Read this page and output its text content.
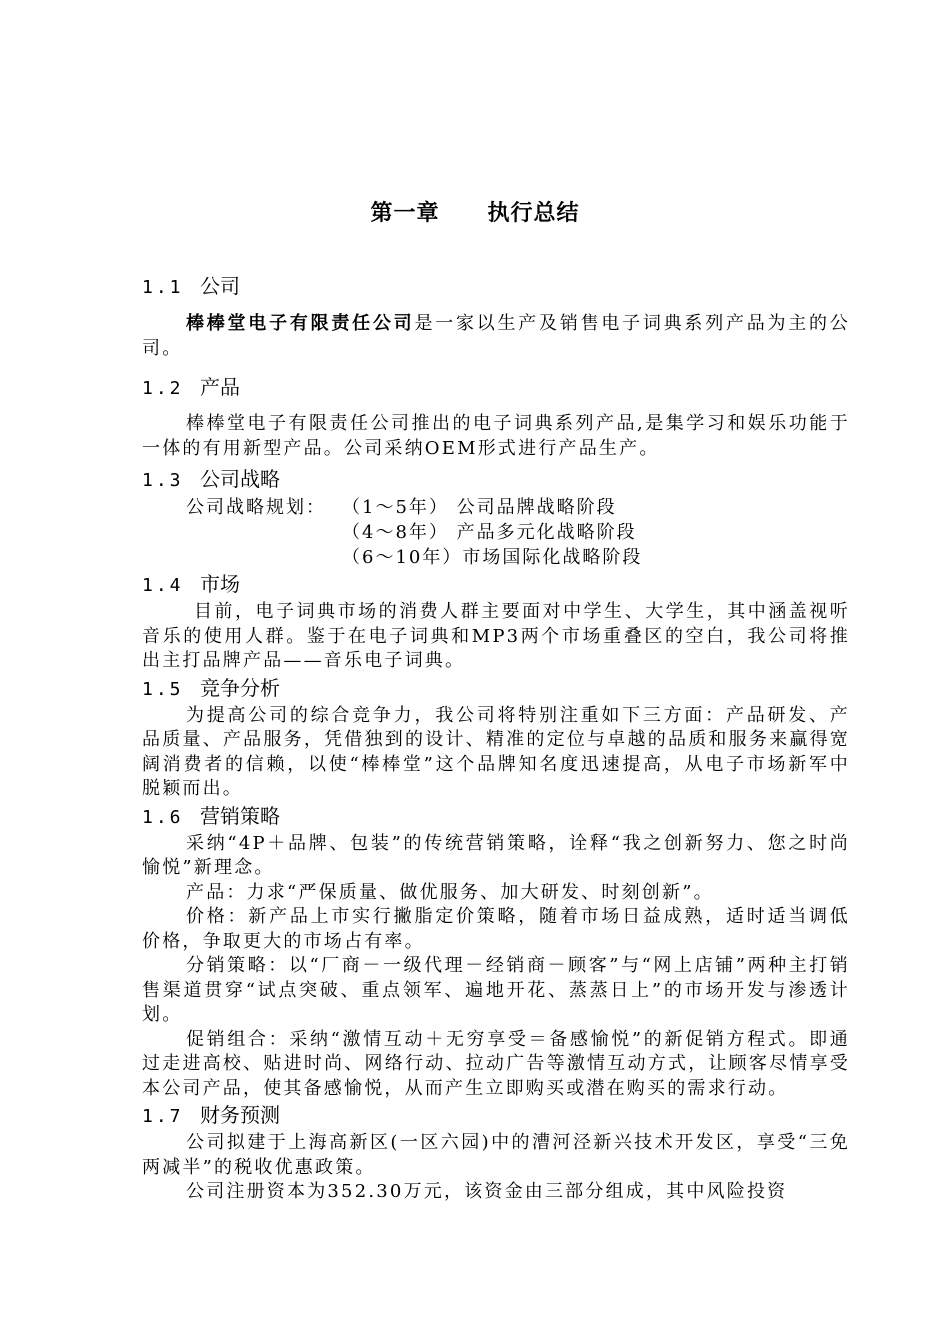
第一章 执行总结
1.1 公司

棒棒堂电子有限责任公司是一家以生产及销售电子词典系列产品为主的公司。

1.2 产品

棒棒堂电子有限责任公司推出的电子词典系列产品,是集学习和娱乐功能于一体的有用新型产品。公司采纳OEM形式进行产品生产。

1.3 公司战略
公司战略规划： （1～5年） 公司品牌战略阶段
（4～8年） 产品多元化战略阶段
（6～10年）市场国际化战略阶段
1.4 市场

目前，电子词典市场的消费人群主要面对中学生、大学生，其中涵盖视听音乐的使用人群。鉴于在电子词典和MP3两个市场重叠区的空白，我公司将推出主打品牌产品——音乐电子词典。

1.5 竞争分析

为提高公司的综合竞争力，我公司将特别注重如下三方面：产品研发、产品质量、产品服务，凭借独到的设计、精准的定位与卓越的品质和服务来赢得宽阔消费者的信赖，以使“棒棒堂”这个品牌知名度迅速提高，从电子市场新军中脱颖而出。

1.6 营销策略

采纳“4P＋品牌、包装”的传统营销策略，诠释“我之创新努力、您之时尚愉悦”新理念。

产品：力求“严保质量、做优服务、加大研发、时刻创新”。

价格：新产品上市实行撇脂定价策略，随着市场日益成熟，适时适当调低价格，争取更大的市场占有率。

分销策略：以“厂商－一级代理－经销商－顾客”与“网上店铺”两种主打销售渠道贯穿“试点突破、重点领军、遍地开花、蒸蒸日上”的市场开发与渗透计划。

促销组合：采纳“激情互动＋无穷享受＝备感愉悦”的新促销方程式。即通过走进高校、贴进时尚、网络行动、拉动广告等激情互动方式，让顾客尽情享受本公司产品，使其备感愉悦，从而产生立即购买或潜在购买的需求行动。

1.7 财务预测

公司拟建于上海高新区(一区六园)中的漕河泾新兴技术开发区，享受“三免两减半”的税收优惠政策。

公司注册资本为352.30万元，该资金由三部分组成，其中风险投资
